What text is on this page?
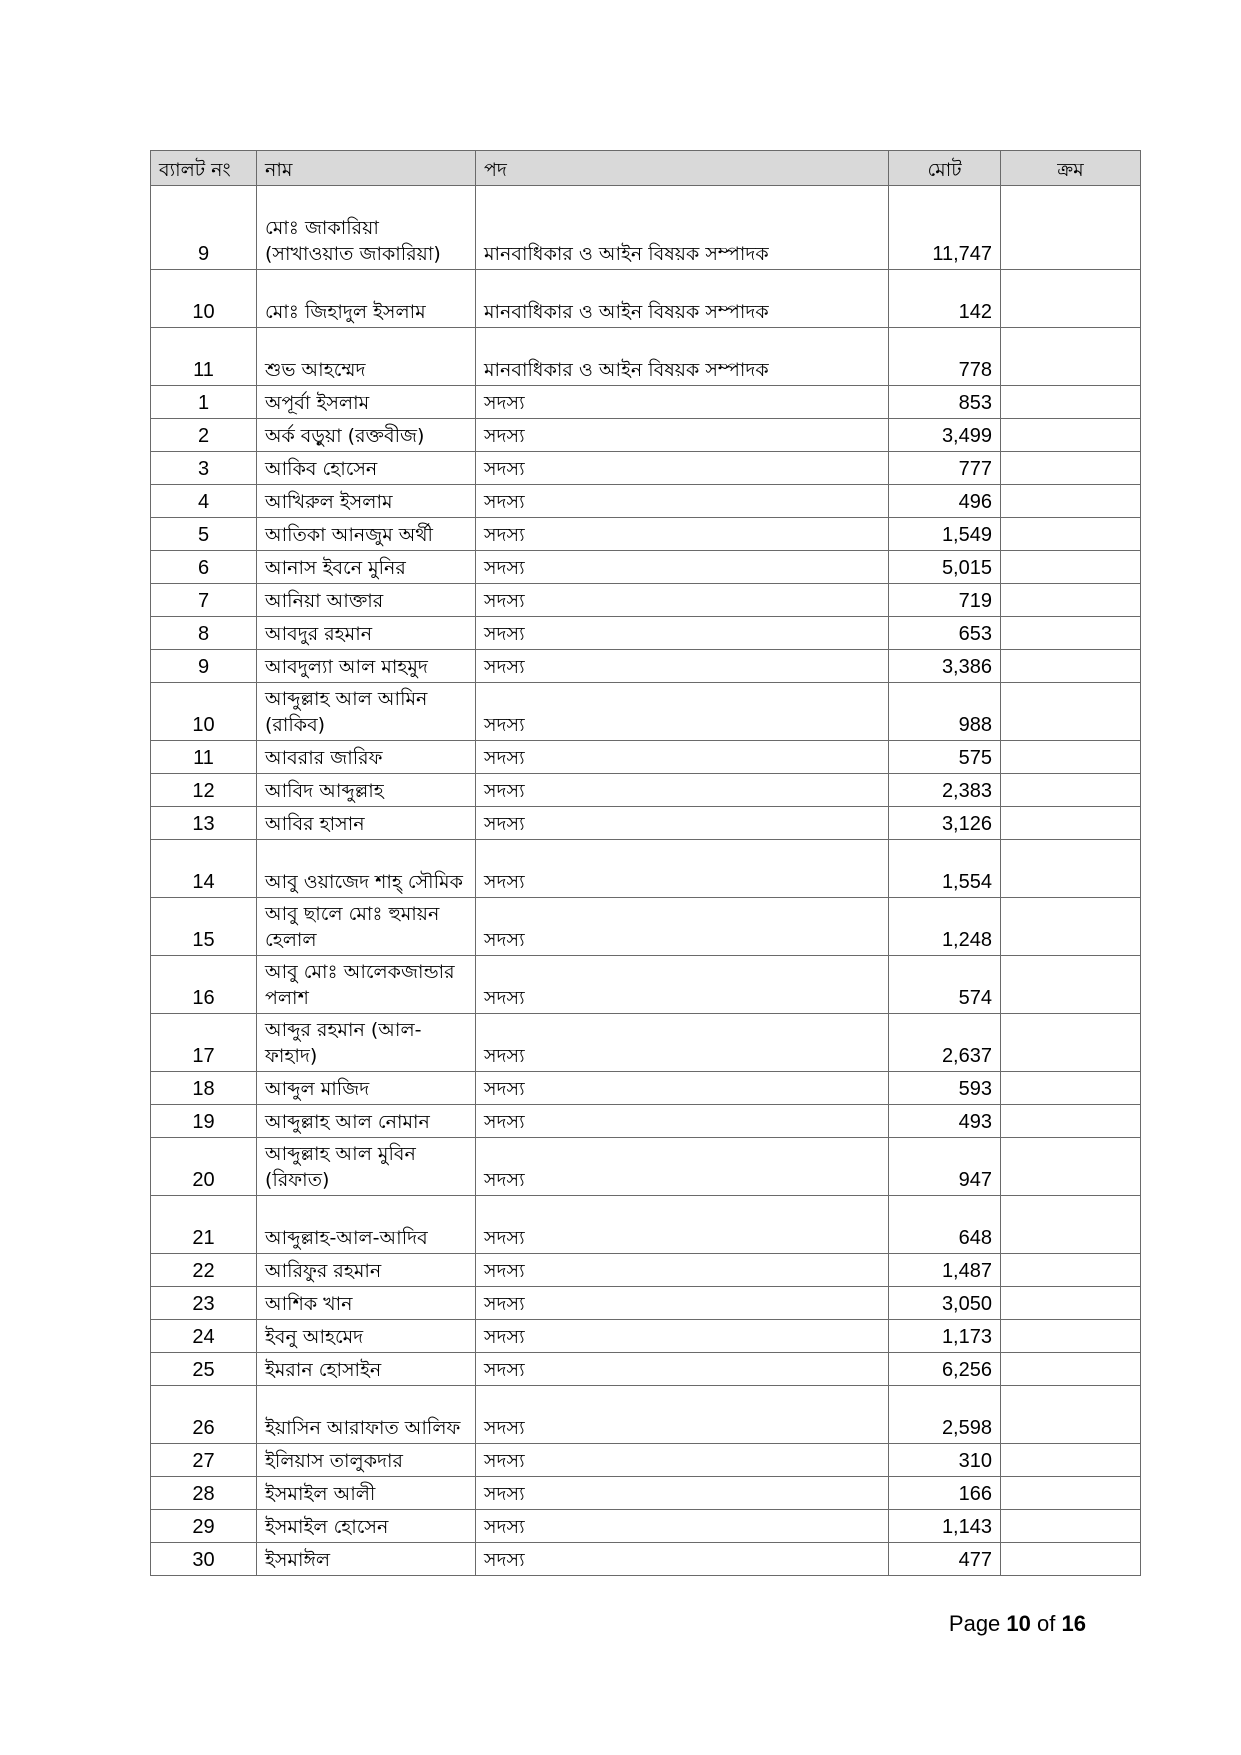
ব্যালট নং	নাম	পদ	মোট	ক্রম
9	মোঃ জাকারিয়া (সাখাওয়াত জাকারিয়া)	মানবাধিকার ও আইন বিষয়ক সম্পাদক	11,747	
10	মোঃ জিহাদুল ইসলাম	মানবাধিকার ও আইন বিষয়ক সম্পাদক	142	
11	শুভ আহম্মেদ	মানবাধিকার ও আইন বিষয়ক সম্পাদক	778	
1	অপূর্বা ইসলাম	সদস্য	853	
2	অর্ক বড়ুয়া (রক্তবীজ)	সদস্য	3,499	
3	আকিব হোসেন	সদস্য	777	
4	আখিরুল ইসলাম	সদস্য	496	
5	আতিকা আনজুম অর্থী	সদস্য	1,549	
6	আনাস ইবনে মুনির	সদস্য	5,015	
7	আনিয়া আক্তার	সদস্য	719	
8	আবদুর রহমান	সদস্য	653	
9	আবদুল্যা আল মাহমুদ	সদস্য	3,386	
10	আব্দুল্লাহ আল আমিন (রাকিব)	সদস্য	988	
11	আবরার জারিফ	সদস্য	575	
12	আবিদ আব্দুল্লাহ	সদস্য	2,383	
13	আবির হাসান	সদস্য	3,126	
14	আবু ওয়াজেদ শাহ্ সৌমিক	সদস্য	1,554	
15	আবু ছালে মোঃ হুমায়ন হেলাল	সদস্য	1,248	
16	আবু মোঃ আলেকজান্ডার পলাশ	সদস্য	574	
17	আব্দুর রহমান (আল-ফাহাদ)	সদস্য	2,637	
18	আব্দুল মাজিদ	সদস্য	593	
19	আব্দুল্লাহ আল নোমান	সদস্য	493	
20	আব্দুল্লাহ আল মুবিন (রিফাত)	সদস্য	947	
21	আব্দুল্লাহ-আল-আদিব	সদস্য	648	
22	আরিফুর রহমান	সদস্য	1,487	
23	আশিক খান	সদস্য	3,050	
24	ইবনু আহমেদ	সদস্য	1,173	
25	ইমরান হোসাইন	সদস্য	6,256	
26	ইয়াসিন আরাফাত আলিফ	সদস্য	2,598	
27	ইলিয়াস তালুকদার	সদস্য	310	
28	ইসমাইল আলী	সদস্য	166	
29	ইসমাইল হোসেন	সদস্য	1,143	
30	ইসমাঈল	সদস্য	477	
Page 10 of 16
